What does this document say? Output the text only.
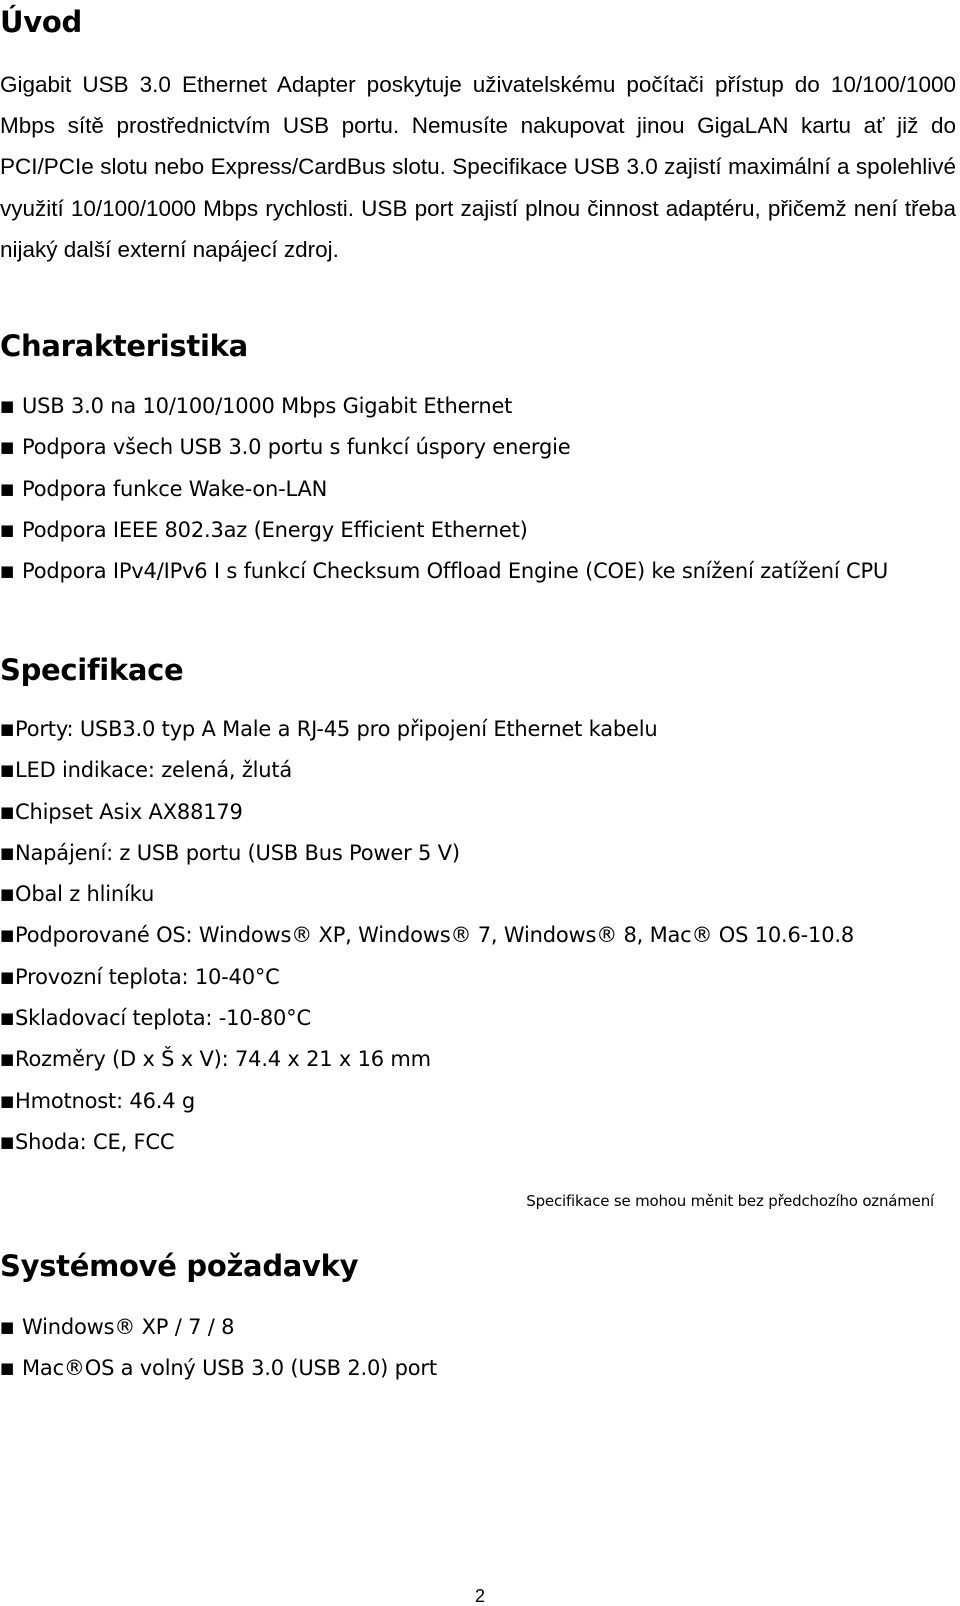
Úvod

Gigabit USB 3.0 Ethernet Adapter poskytuje uživatelskému počítači přístup do 10/100/1000 Mbps sítě prostřednictvím USB portu. Nemusíte nakupovat jinou GigaLAN kartu ať již do PCI/PCIe slotu nebo Express/CardBus slotu. Specifikace USB 3.0 zajistí maximální a spolehlivé využití 10/100/1000 Mbps rychlosti. USB port zajistí plnou činnost adaptéru, přičemž není třeba nijaký další externí napájecí zdroj.

Charakteristika
■ USB 3.0 na 10/100/1000 Mbps Gigabit Ethernet
■ Podpora všech USB 3.0 portu s funkcí úspory energie
■ Podpora funkce Wake-on-LAN
■ Podpora IEEE 802.3az (Energy Efficient Ethernet)
■ Podpora IPv4/IPv6 I s funkcí Checksum Offload Engine (COE) ke snížení zatížení CPU
Specifikace
■Porty: USB3.0 typ A Male a RJ-45 pro připojení Ethernet kabelu
■LED indikace: zelená, žlutá
■Chipset Asix AX88179
■Napájení: z USB portu (USB Bus Power 5 V)
■Obal z hliníku
■Podporované OS: Windows® XP, Windows® 7, Windows® 8, Mac® OS 10.6-10.8
■Provozní teplota: 10-40°C
■Skladovací teplota: -10-80°C
■Rozměry (D x Š x V): 74.4 x 21 x 16 mm
■Hmotnost: 46.4 g
■Shoda: CE, FCC

Specifikace se mohou měnit bez předchozího oznámení

Systémové požadavky
■ Windows® XP / 7 / 8
■ Mac®OS a volný USB 3.0 (USB 2.0) port

2
